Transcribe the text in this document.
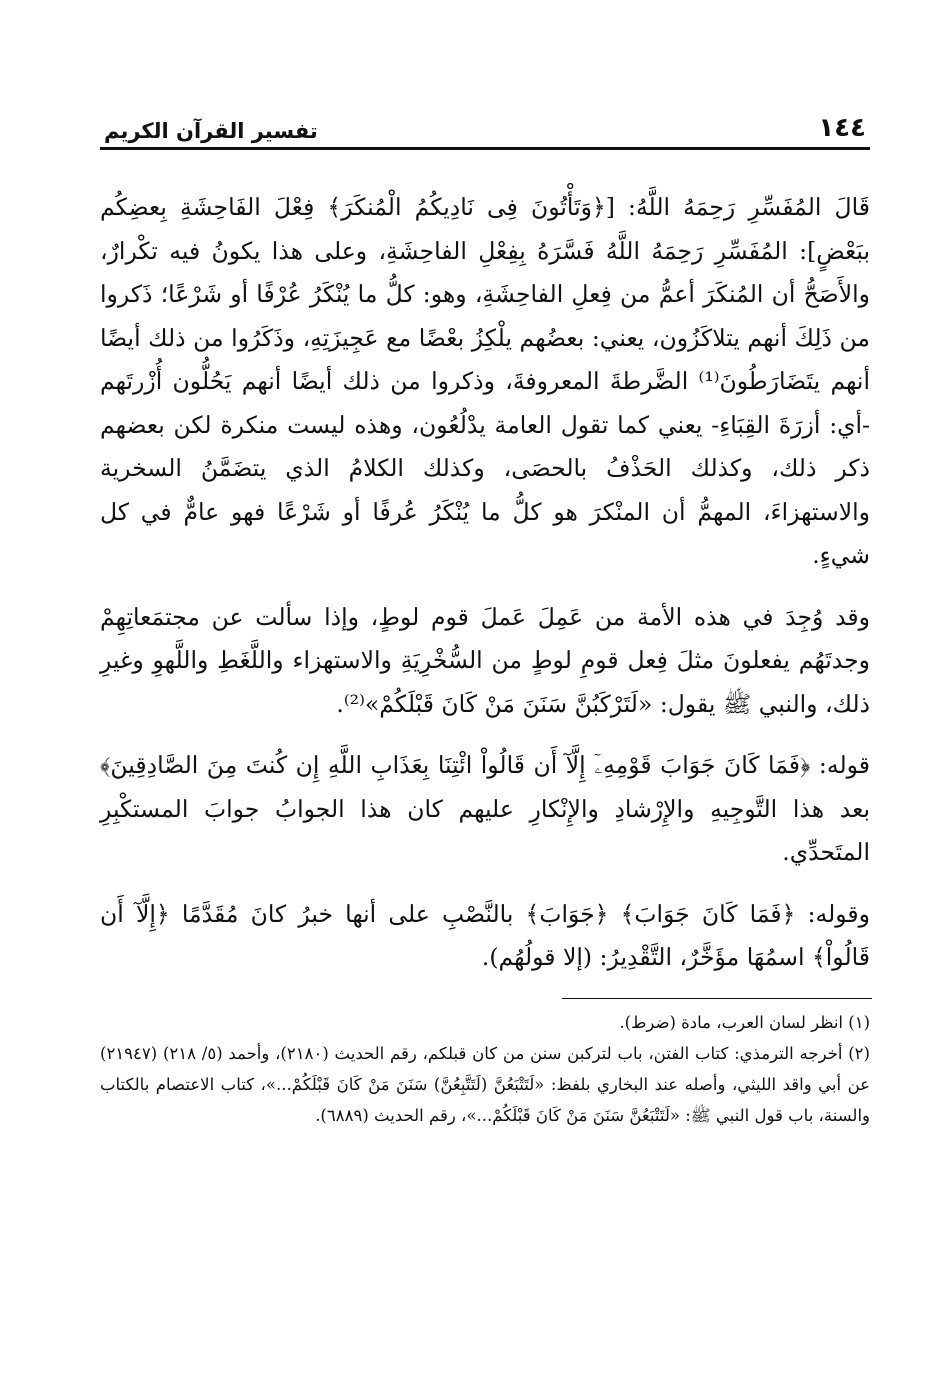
١٤٤
تفسير القرآن الكريم

قَالَ المُفَسِّرِ رَحِمَهُ اللَّهُ: [﴿وَتَأْتُونَ فِى نَادِيكُمُ الْمُنكَرَ﴾ فِعْلَ الفَاحِشَةِ بِعضِكُم ببَعْضٍ]: المُفَسِّرِ رَحِمَهُ اللَّهُ فَسَّرَهُ بِفِعْلِ الفاحِشَةِ، وعلى هذا يكونُ فيه تكْرارٌ، والأَصَحُّ أن المُنكَرَ أعمُّ من فِعلِ الفاحِشَةِ، وهو: كلُّ ما يُنْكَرُ عُرْفًا أو شَرْعًا؛ ذَكروا من ذَلِكَ أنهم يتلاكَزُون، يعني: بعضُهم يلْكِزُ بعْضًا مع عَجِيزَتِهِ، وذَكَرُوا من ذلك أيضًا أنهم يتَضَارَطُونَ⁽¹⁾ الضَّرطةَ المعروفةَ، وذكروا من ذلك أيضًا أنهم يَحُلُّون أُزْرتَهم -أي: أزرَةَ القِبَاءِ- يعني كما تقول العامة يدْلُعُون، وهذه ليست منكرة لكن بعضهم ذكر ذلك، وكذلك الحَذْفُ بالحصَى، وكذلك الكلامُ الذي يتضَمَّنُ السخرية والاستهزاءَ، المهمُّ أن المنْكرَ هو كلُّ ما يُنْكَرُ عُرفًا أو شَرْعًا فهو عامٌّ في كل شيءٍ.

وقد وُجِدَ في هذه الأمة من عَمِلَ عَملَ قوم لوطٍ، وإذا سألت عن مجتمَعاتِهِمْ وجدتَهُم يفعلونَ مثلَ فِعل قومِ لوطٍ من السُّخْرِيَةِ والاستهزاء واللَّغَطِ واللَّهوِ وغيرِ ذلك، والنبي ﷺ يقول: «لَتَرْكَبُنَّ سَنَنَ مَنْ كَانَ قَبْلَكُمْ»⁽²⁾.

قوله: ﴿فَمَا كَانَ جَوَابَ قَوْمِهِۦٓ إِلَّآ أَن قَالُواْ ائْتِنَا بِعَذَابِ اللَّهِ إِن كُنتَ مِنَ الصَّادِقِينَ﴾ بعد هذا التَّوجِيهِ والإِرْشادِ والإِنْكارِ عليهم كان هذا الجوابُ جوابَ المستكْبِرِ المتَحدِّي.

وقوله: ﴿فَمَا كَانَ جَوَابَ﴾ ﴿جَوَابَ﴾ بالنَّصْبِ على أنها خبرُ كانَ مُقَدَّمًا ﴿إِلَّآ أَن قَالُواْ﴾ اسمُهَا مؤَخَّرٌ، التَّقْدِيرُ: (إلا قولُهُم).

(١) انظر لسان العرب، مادة (ضرط).

(٢) أخرجه الترمذي: كتاب الفتن، باب لتركبن سنن من كان قبلكم، رقم الحديث (٢١٨٠)، وأحمد (٥/ ٢١٨) (٢١٩٤٧) عن أبي واقد الليثي، وأصله عند البخاري بلفظ: «لَتَتْبَعُنَّ (لَتَتَّبِعُنَّ) سَنَنَ مَنْ كَانَ قَبْلَكُمْ...»، كتاب الاعتصام بالكتاب والسنة، باب قول النبي ﷺ: «لَتَتْبَعُنَّ سَنَنَ مَنْ كَانَ قَبْلَكُمْ...»، رقم الحديث (٦٨٨٩).
